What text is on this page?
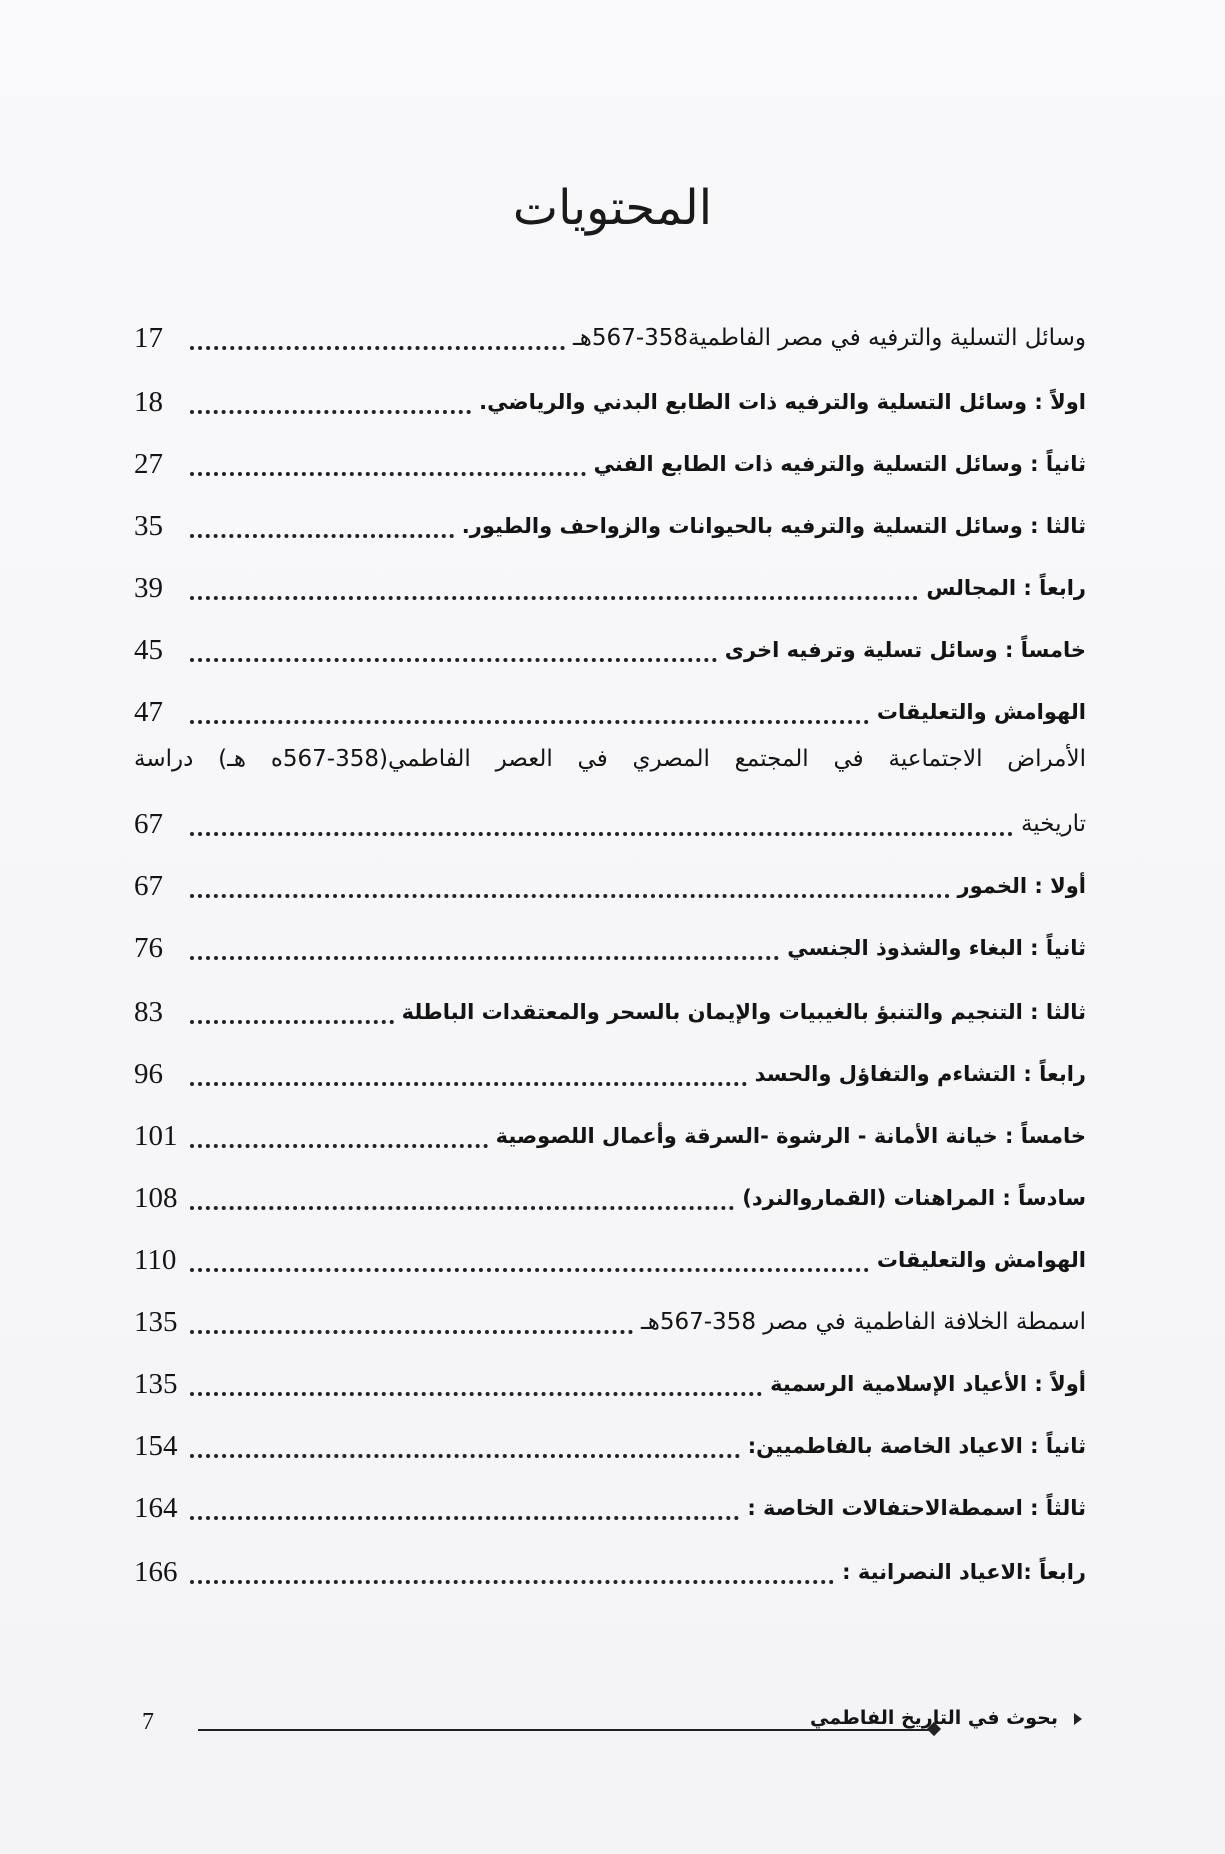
المحتويات
وسائل التسلية والترفيه في مصر الفاطمية358-567هـ
17
اولاً : وسائل التسلية والترفيه ذات الطابع البدني والرياضي.
18
ثانياً : وسائل التسلية والترفيه ذات الطابع الفني
27
ثالثا : وسائل التسلية والترفيه بالحيوانات والزواحف والطيور.
35
رابعاً : المجالس
39
خامساً : وسائل تسلية وترفيه اخرى
45
الهوامش والتعليقات
47
الأمراض الاجتماعية في المجتمع المصري في العصر الفاطمي(358-567ه هـ) دراسة
تاريخية
67
أولا : الخمور
67
ثانياً : البغاء والشذوذ الجنسي
76
ثالثا : التنجيم والتنبؤ بالغيبيات والإيمان بالسحر والمعتقدات الباطلة
83
رابعاً : التشاءم والتفاؤل والحسد
96
خامساً : خيانة الأمانة - الرشوة -السرقة وأعمال اللصوصية
101
سادساً : المراهنات (القماروالنرد)
108
الهوامش والتعليقات
110
اسمطة الخلافة الفاطمية في مصر 358-567هـ
135
أولاً : الأعياد الإسلامية الرسمية
135
ثانياً : الاعياد الخاصة بالفاطميين:
154
ثالثاً : اسمطةالاحتفالات الخاصة :
164
رابعاً :الاعياد النصرانية :
166
7	بحوث في التاريخ الفاطمي
